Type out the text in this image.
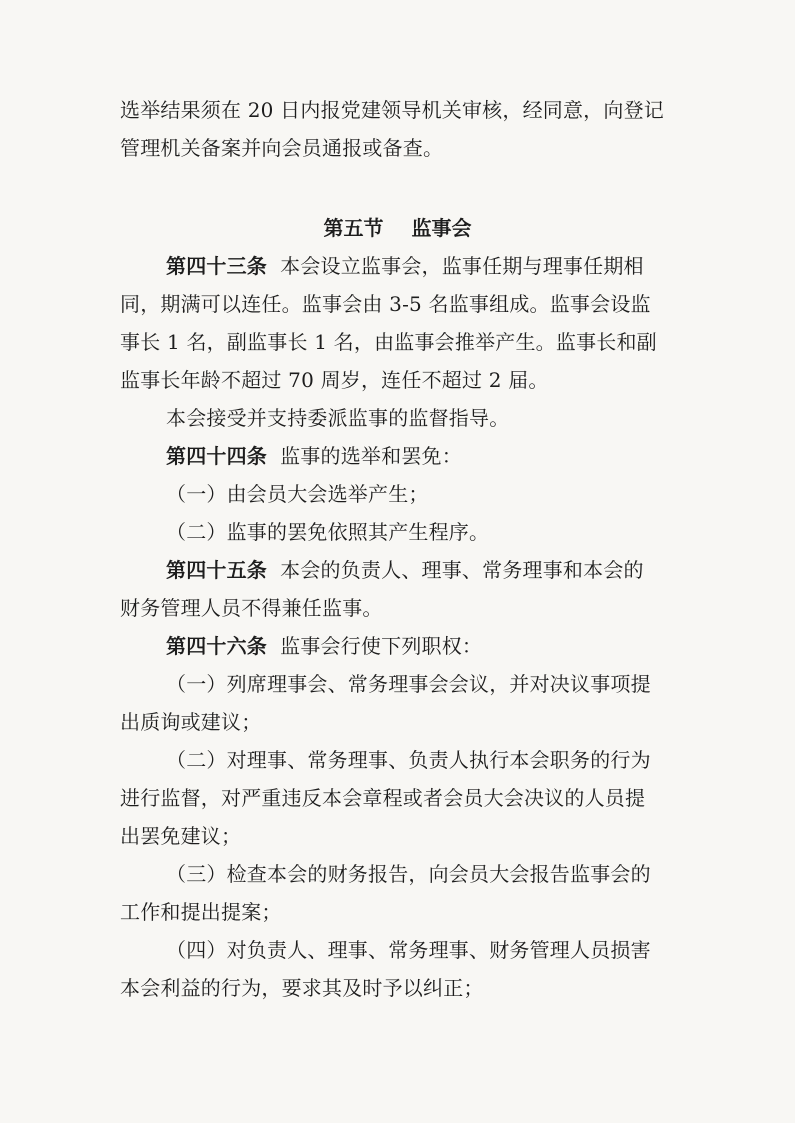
选举结果须在 20 日内报党建领导机关审核，经同意，向登记
管理机关备案并向会员通报或备查。
第五节 监事会
第四十三条 本会设立监事会，监事任期与理事任期相
同，期满可以连任。监事会由 3-5 名监事组成。监事会设监
事长 1 名，副监事长 1 名，由监事会推举产生。监事长和副
监事长年龄不超过 70 周岁，连任不超过 2 届。
本会接受并支持委派监事的监督指导。
第四十四条 监事的选举和罢免：
（一）由会员大会选举产生；
（二）监事的罢免依照其产生程序。
第四十五条 本会的负责人、理事、常务理事和本会的
财务管理人员不得兼任监事。
第四十六条 监事会行使下列职权：
（一）列席理事会、常务理事会会议，并对决议事项提
出质询或建议；
（二）对理事、常务理事、负责人执行本会职务的行为
进行监督，对严重违反本会章程或者会员大会决议的人员提
出罢免建议；
（三）检查本会的财务报告，向会员大会报告监事会的
工作和提出提案；
（四）对负责人、理事、常务理事、财务管理人员损害
本会利益的行为，要求其及时予以纠正；
